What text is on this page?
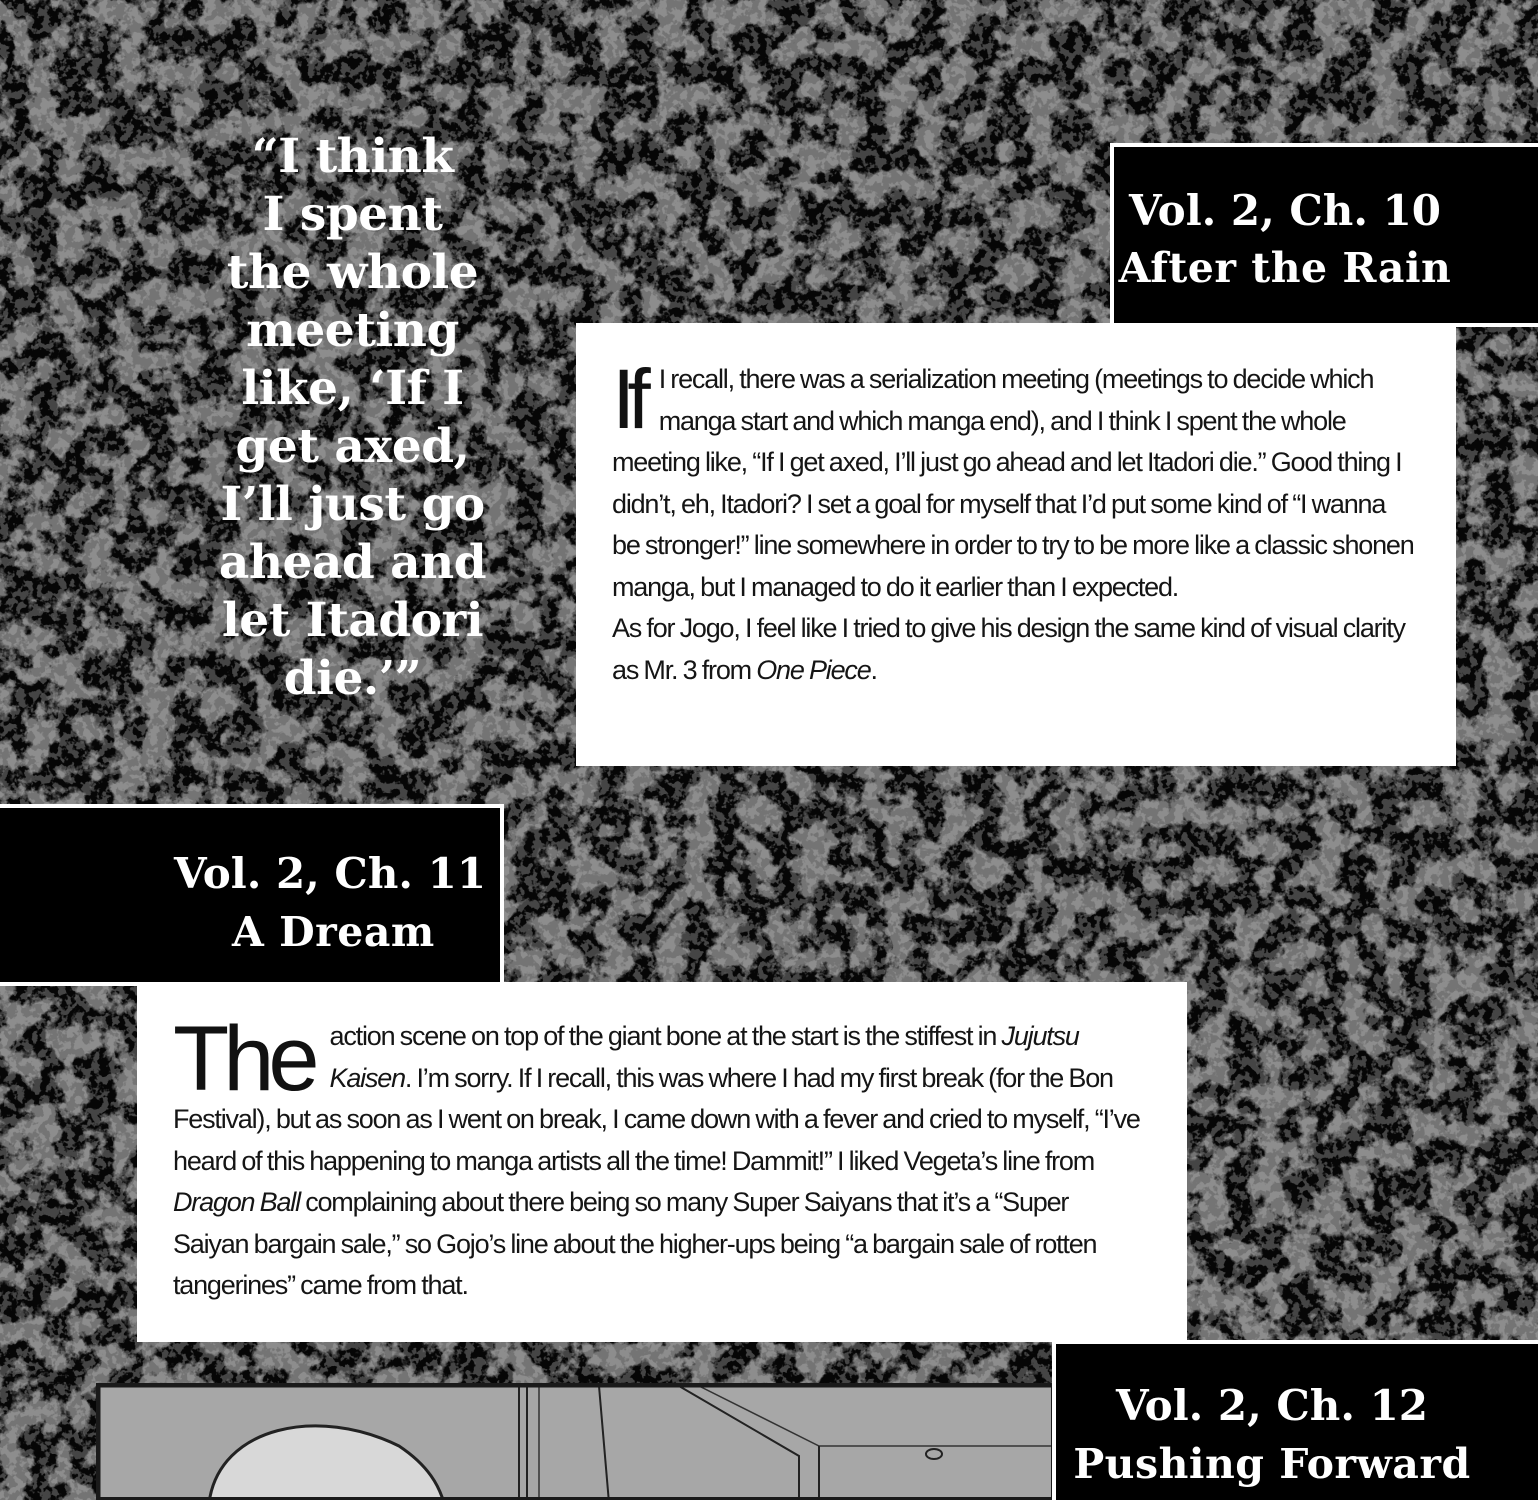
“I think
I spent
the whole
meeting
like, ‘If I
get axed,
I’ll just go
ahead and
let Itadori
die.’”
Vol. 2, Ch. 10
After the Rain
If I recall, there was a serialization meeting (meetings to decide which manga start and which manga end), and I think I spent the whole meeting like, “If I get axed, I’ll just go ahead and let Itadori die.” Good thing I didn’t, eh, Itadori? I set a goal for myself that I’d put some kind of “I wanna be stronger!” line somewhere in order to try to be more like a classic shonen manga, but I managed to do it earlier than I expected.

As for Jogo, I feel like I tried to give his design the same kind of visual clarity as Mr. 3 from One Piece.

Vol. 2, Ch. 11
A Dream
The action scene on top of the giant bone at the start is the stiffest in Jujutsu Kaisen. I’m sorry. If I recall, this was where I had my first break (for the Bon Festival), but as soon as I went on break, I came down with a fever and cried to myself, “I’ve heard of this happening to manga artists all the time! Dammit!” I liked Vegeta’s line from Dragon Ball complaining about there being so many Super Saiyans that it’s a “Super Saiyan bargain sale,” so Gojo’s line about the higher-ups being “a bargain sale of rotten tangerines” came from that.

Vol. 2, Ch. 12
Pushing Forward
